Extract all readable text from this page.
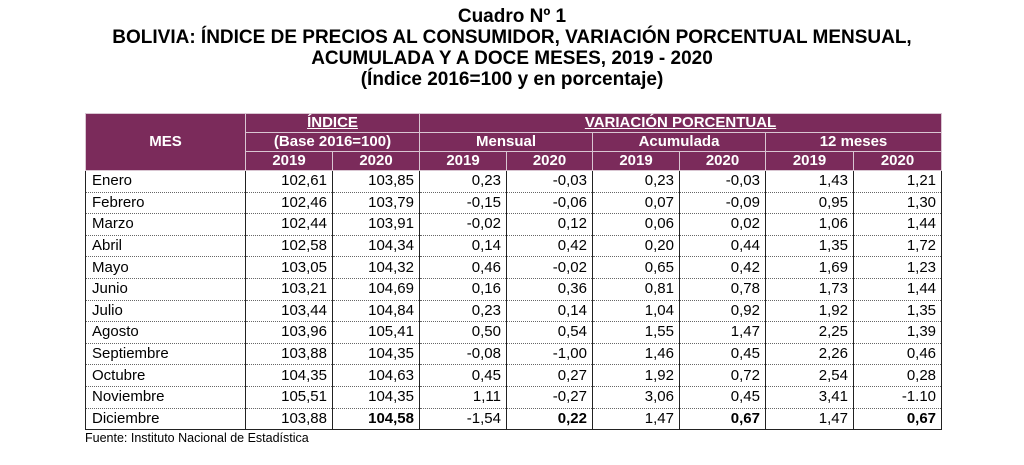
Cuadro Nº 1
BOLIVIA: ÍNDICE DE PRECIOS AL CONSUMIDOR, VARIACIÓN PORCENTUAL MENSUAL,
ACUMULADA Y A DOCE MESES, 2019 - 2020
(Índice 2016=100 y en porcentaje)
MES	ÍNDICE		VARIACIÓN PORCENTUAL					
	(Base 2016=100)		Mensual		Acumulada		12 meses	
	2019	2020	2019	2020	2019	2020	2019	2020
Enero	102,61	103,85	0,23	-0,03	0,23	-0,03	1,43	1,21
Febrero	102,46	103,79	-0,15	-0,06	0,07	-0,09	0,95	1,30
Marzo	102,44	103,91	-0,02	0,12	0,06	0,02	1,06	1,44
Abril	102,58	104,34	0,14	0,42	0,20	0,44	1,35	1,72
Mayo	103,05	104,32	0,46	-0,02	0,65	0,42	1,69	1,23
Junio	103,21	104,69	0,16	0,36	0,81	0,78	1,73	1,44
Julio	103,44	104,84	0,23	0,14	1,04	0,92	1,92	1,35
Agosto	103,96	105,41	0,50	0,54	1,55	1,47	2,25	1,39
Septiembre	103,88	104,35	-0,08	-1,00	1,46	0,45	2,26	0,46
Octubre	104,35	104,63	0,45	0,27	1,92	0,72	2,54	0,28
Noviembre	105,51	104,35	1,11	-0,27	3,06	0,45	3,41	-1.10
Diciembre	103,88	104,58	-1,54	0,22	1,47	0,67	1,47	0,67
Fuente: Instituto Nacional de Estadística
